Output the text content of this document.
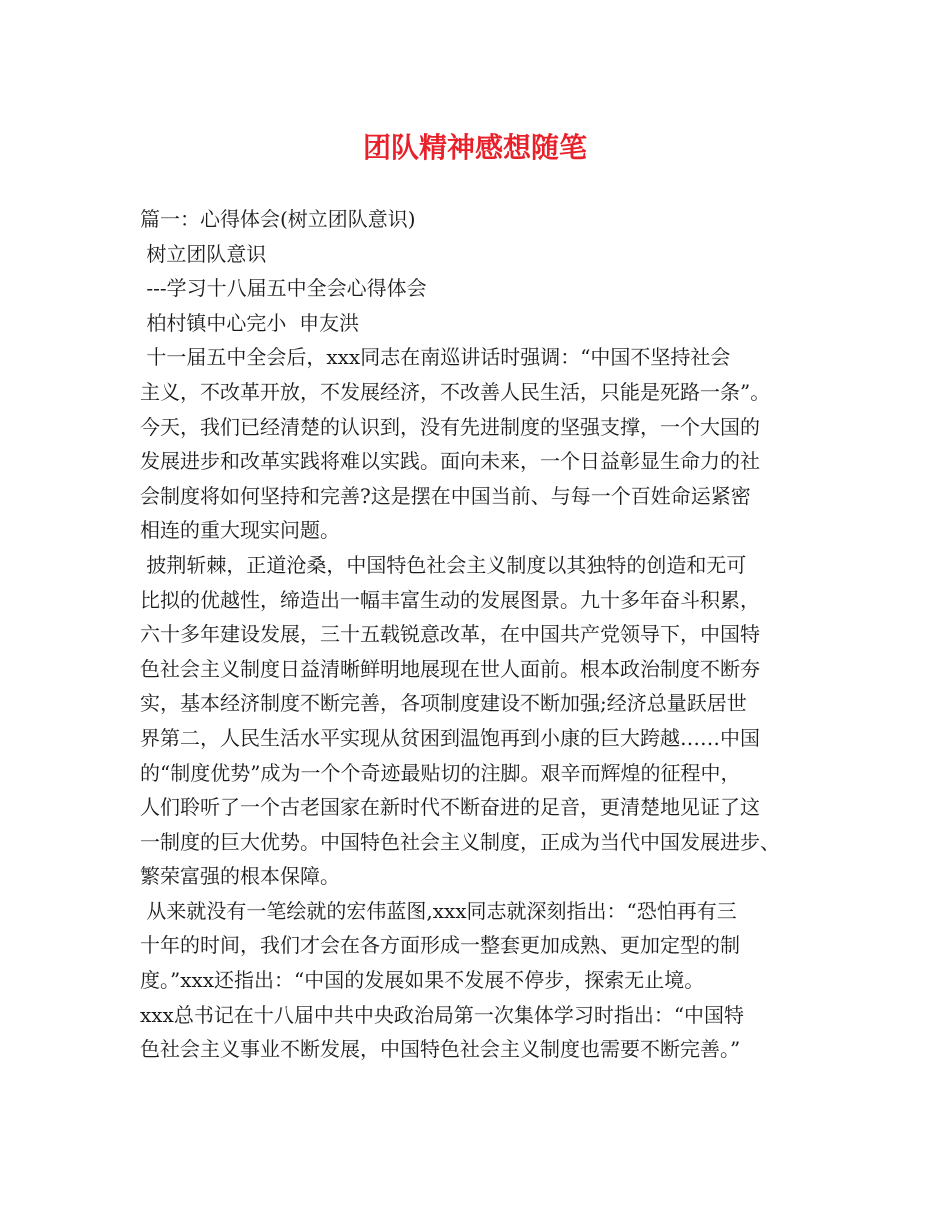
团队精神感想随笔
篇一：心得体会(树立团队意识)
树立团队意识
---学习十八届五中全会心得体会
柏村镇中心完小  申友洪
十一届五中全会后，xxx同志在南巡讲话时强调：“中国不坚持社会
主义，不改革开放，不发展经济，不改善人民生活，只能是死路一条”。
今天，我们已经清楚的认识到，没有先进制度的坚强支撑，一个大国的
发展进步和改革实践将难以实践。面向未来，一个日益彰显生命力的社
会制度将如何坚持和完善?这是摆在中国当前、与每一个百姓命运紧密
相连的重大现实问题。
披荆斩棘，正道沧桑，中国特色社会主义制度以其独特的创造和无可
比拟的优越性，缔造出一幅丰富生动的发展图景。九十多年奋斗积累，
六十多年建设发展，三十五载锐意改革，在中国共产党领导下，中国特
色社会主义制度日益清晰鲜明地展现在世人面前。根本政治制度不断夯
实，基本经济制度不断完善，各项制度建设不断加强;经济总量跃居世
界第二，人民生活水平实现从贫困到温饱再到小康的巨大跨越……中国
的“制度优势”成为一个个奇迹最贴切的注脚。艰辛而辉煌的征程中，
人们聆听了一个古老国家在新时代不断奋进的足音，更清楚地见证了这
一制度的巨大优势。中国特色社会主义制度，正成为当代中国发展进步、
繁荣富强的根本保障。
从来就没有一笔绘就的宏伟蓝图,xxx同志就深刻指出：“恐怕再有三
十年的时间，我们才会在各方面形成一整套更加成熟、更加定型的制
度。”xxx还指出：“中国的发展如果不发展不停步，探索无止境。
xxx总书记在十八届中共中央政治局第一次集体学习时指出：“中国特
色社会主义事业不断发展，中国特色社会主义制度也需要不断完善。”
